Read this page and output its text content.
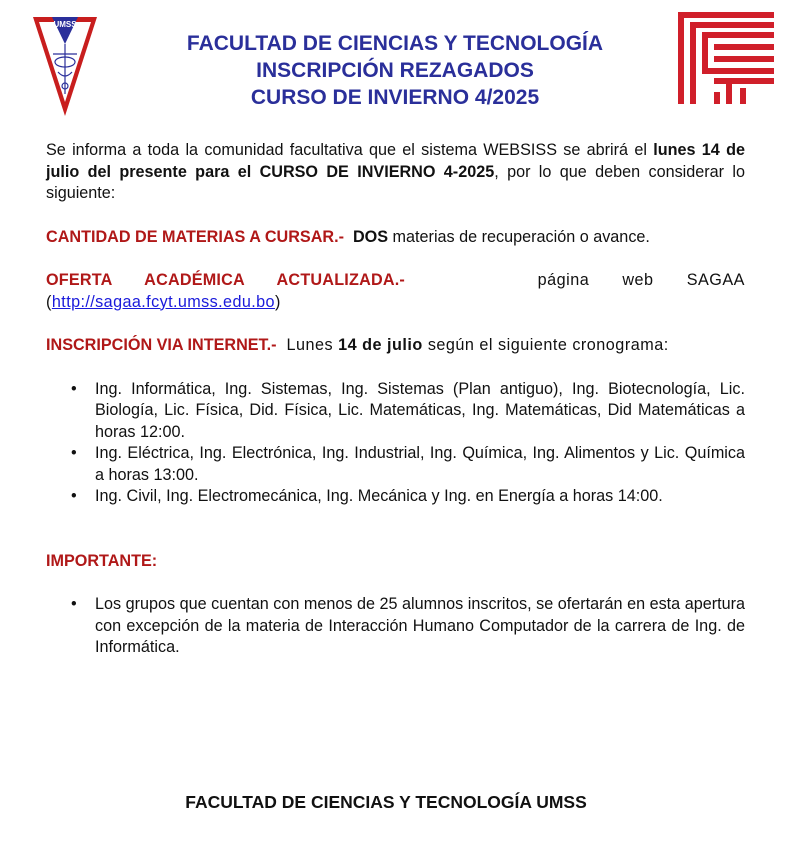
UMSS
FACULTAD DE CIENCIAS Y TECNOLOGÍA
INSCRIPCIÓN REZAGADOS
CURSO DE INVIERNO 4/2025

Se informa a toda la comunidad facultativa que el sistema WEBSISS se abrirá el lunes 14 de julio del presente para el CURSO DE INVIERNO 4-2025, por lo que deben considerar lo siguiente:

CANTIDAD DE MATERIAS A CURSAR.- DOS materias de recuperación o avance.

OFERTA ACADÉMICA ACTUALIZADA.-	página web SAGAA (http://sagaa.fcyt.umss.edu.bo)

INSCRIPCIÓN VIA INTERNET.- Lunes 14 de julio según el siguiente cronograma:

• Ing. Informática, Ing. Sistemas, Ing. Sistemas (Plan antiguo), Ing. Biotecnología, Lic. Biología, Lic. Física, Did. Física, Lic. Matemáticas, Ing. Matemáticas, Did Matemáticas a horas 12:00.
• Ing. Eléctrica, Ing. Electrónica, Ing. Industrial, Ing. Química, Ing. Alimentos y Lic. Química a horas 13:00.
• Ing. Civil, Ing. Electromecánica, Ing. Mecánica y Ing. en Energía a horas 14:00.

IMPORTANTE:

• Los grupos que cuentan con menos de 25 alumnos inscritos, se ofertarán en esta apertura con excepción de la materia de Interacción Humano Computador de la carrera de Ing. de Informática.
FACULTAD DE CIENCIAS Y TECNOLOGÍA UMSS
